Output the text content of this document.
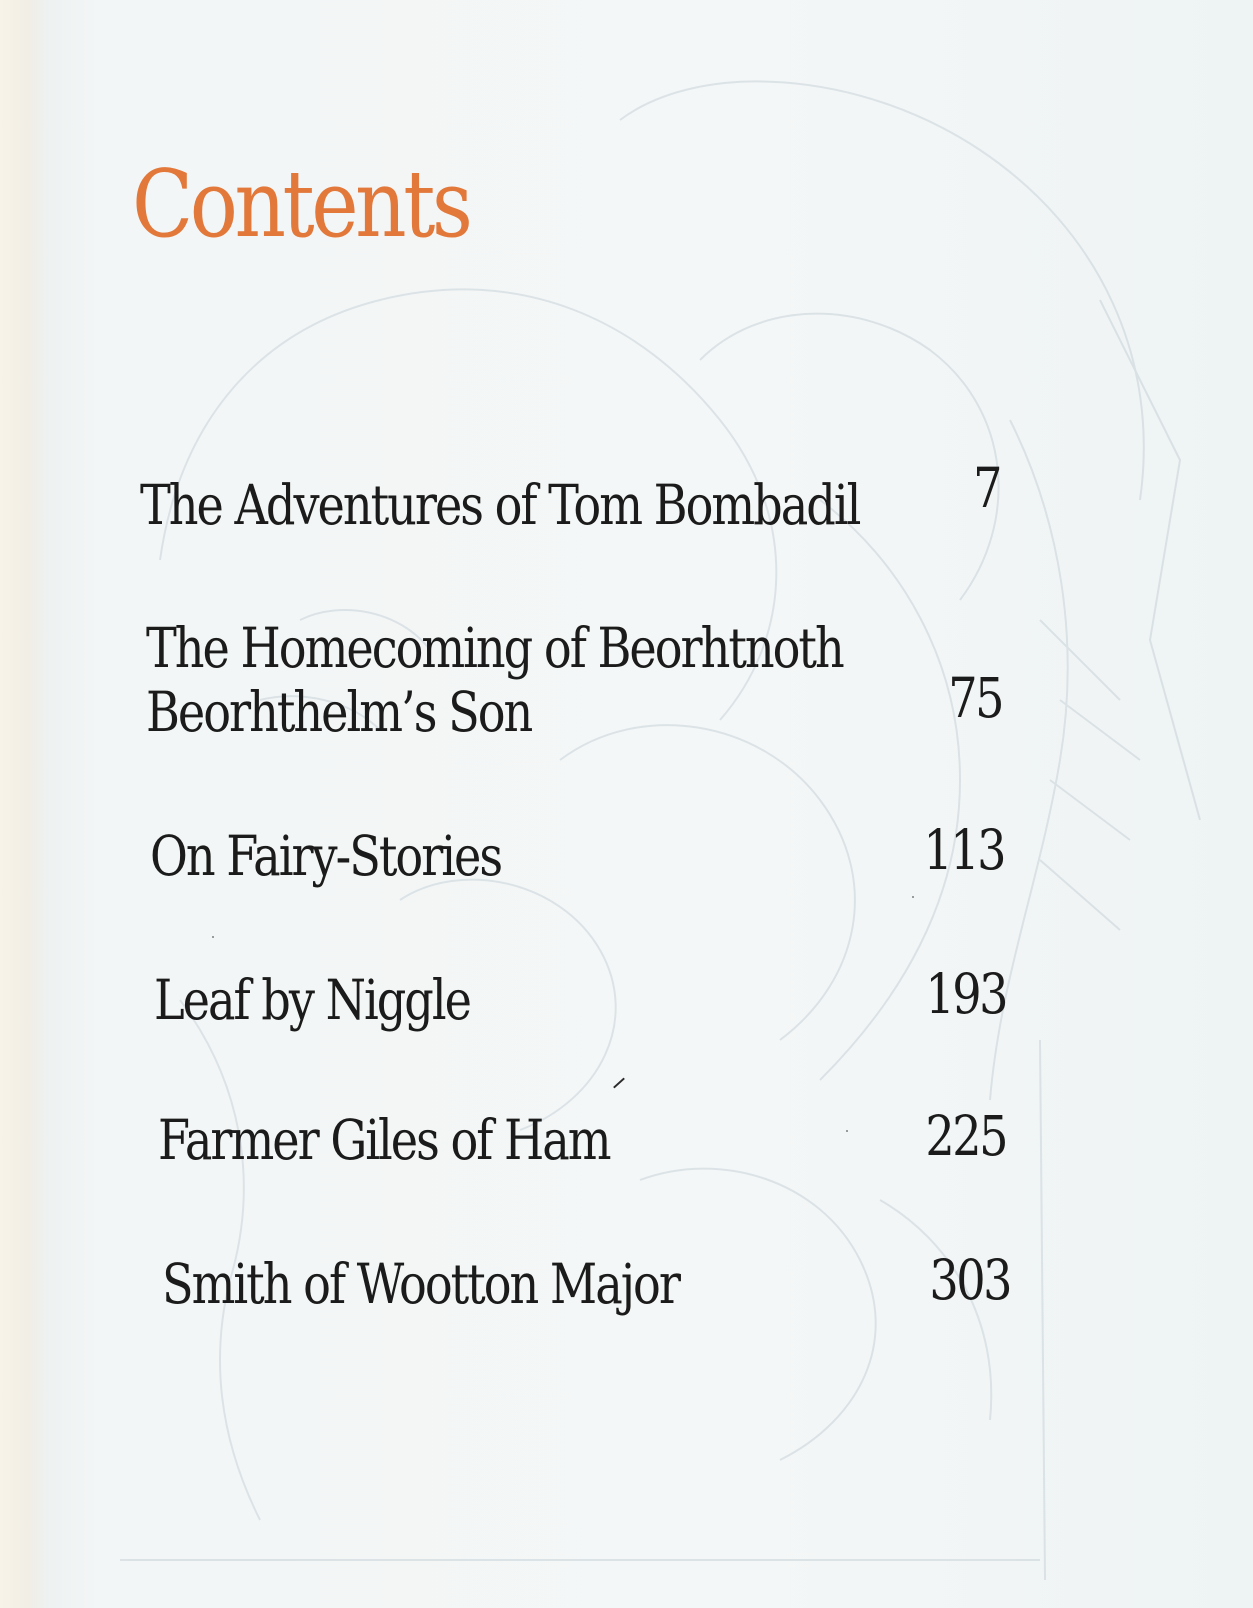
Contents
The Adventures of Tom Bombadil	7
The Homecoming of Beorhtnoth
Beorhthelm’s Son	75
On Fairy-Stories	113
Leaf by Niggle	193
Farmer Giles of Ham	225
Smith of Wootton Major	303
